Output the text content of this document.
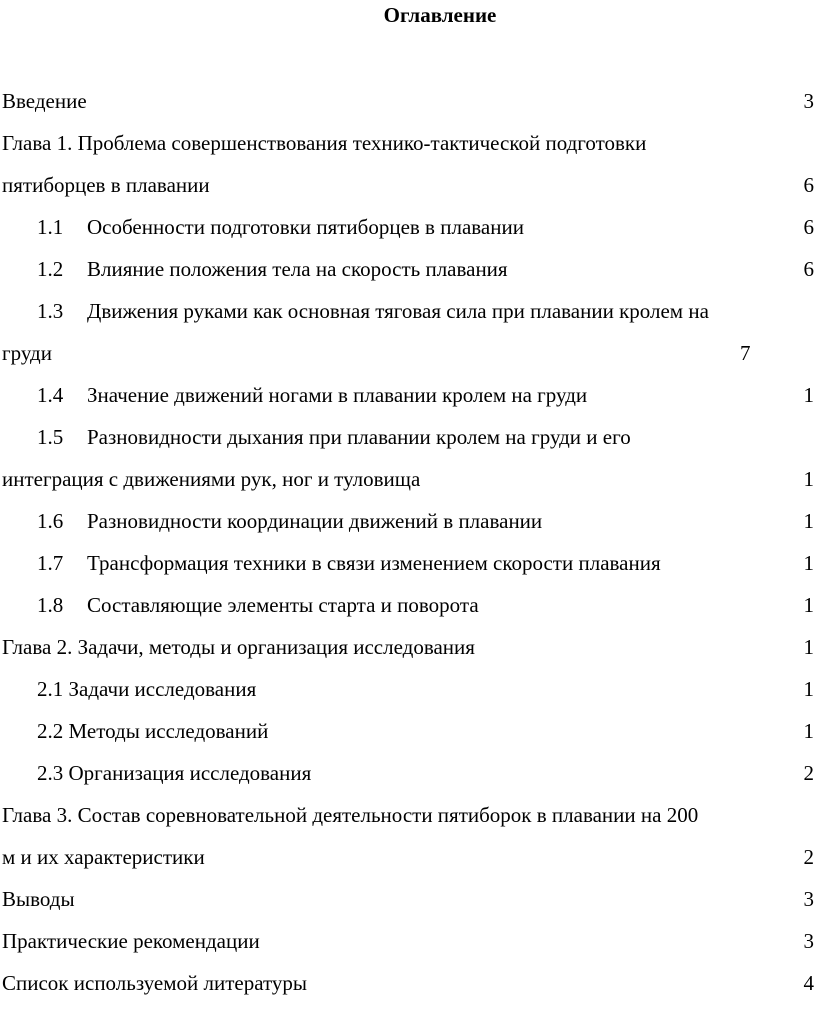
Оглавление
Введение	3
Глава 1. Проблема совершенствования технико-тактической подготовки
пятиборцев в плавании	6
1.1 Особенности подготовки пятиборцев в плавании	6
1.2 Влияние положения тела на скорость плавания	6
1.3 Движения руками как основная тяговая сила при плавании кролем на
груди	7
1.4 Значение движений ногами в плавании кролем на груди	1
1.5 Разновидности дыхания при плавании кролем на груди и его
интеграция с движениями рук, ног и туловища	1
1.6 Разновидности координации движений в плавании	1
1.7 Трансформация техники в связи изменением скорости плавания	1
1.8 Составляющие элементы старта и поворота	1
Глава 2. Задачи, методы и организация исследования	1
2.1 Задачи исследования	1
2.2 Методы исследований	1
2.3 Организация исследования	2
Глава 3. Состав соревновательной деятельности пятиборок в плавании на 200
м и их характеристики	2
Выводы	3
Практические рекомендации	3
Список используемой литературы	4
